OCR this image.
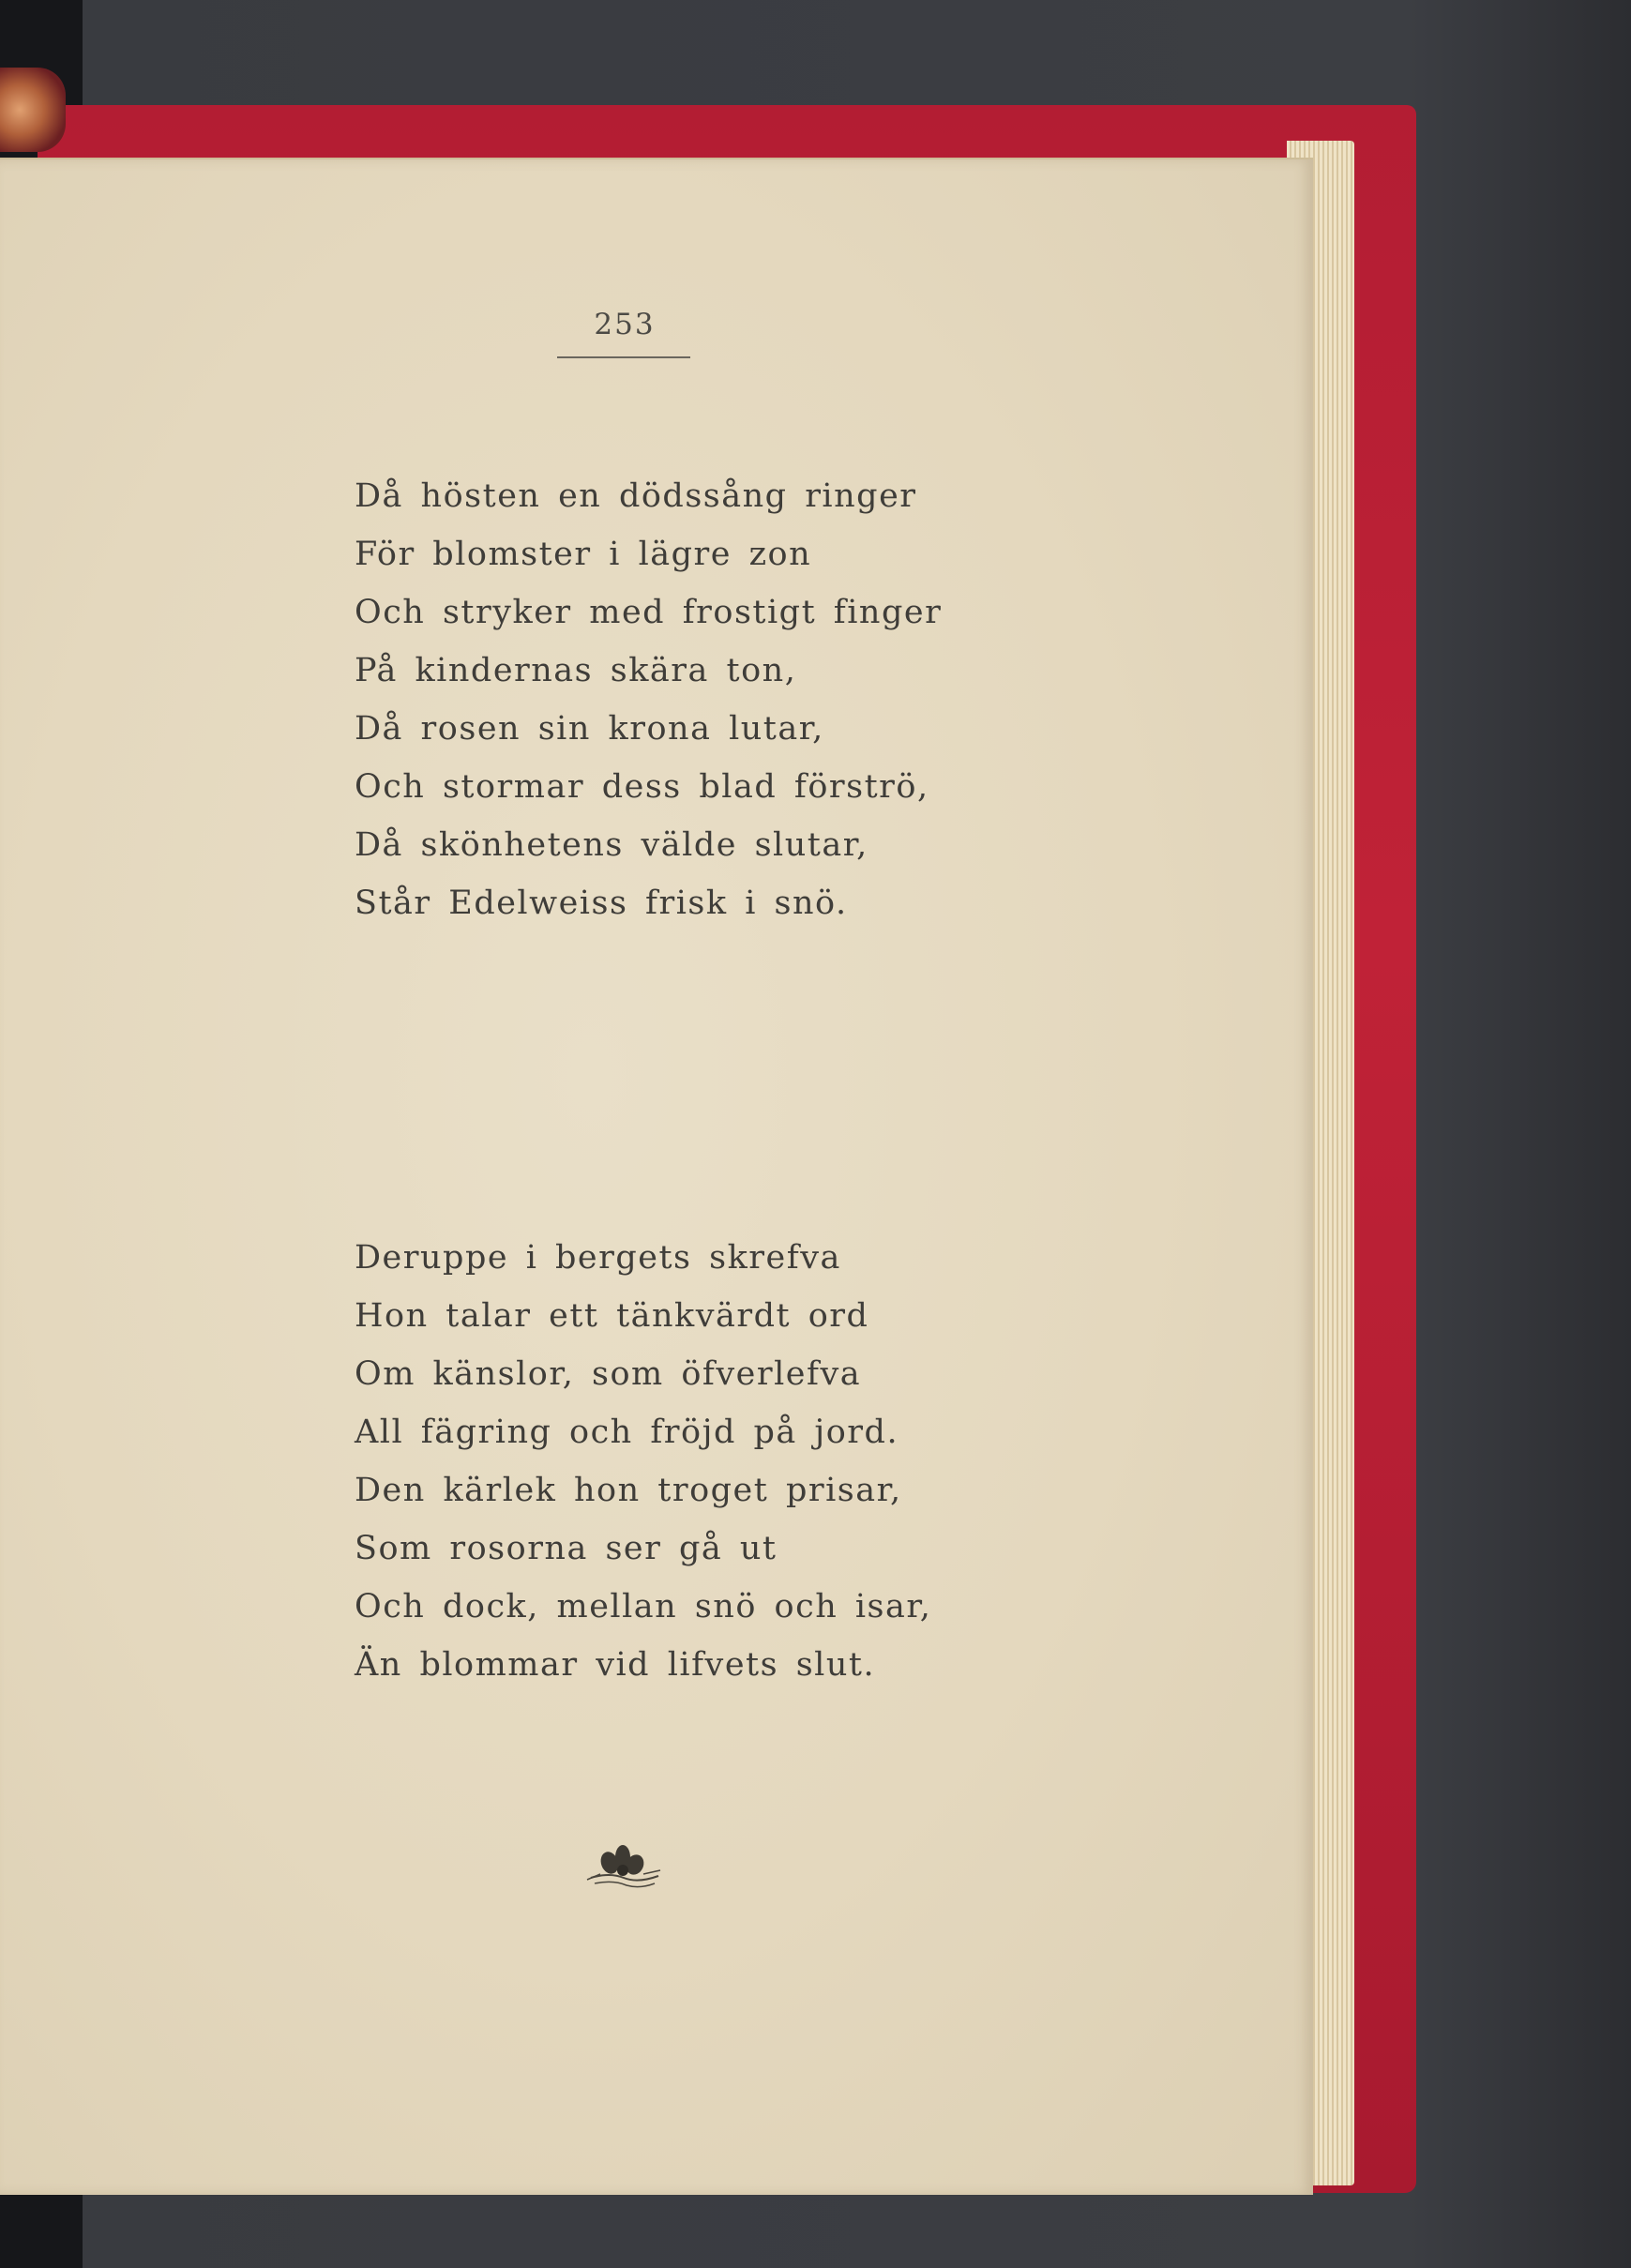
253
Då hösten en dödssång ringer
För blomster i lägre zon
Och stryker med frostigt finger
På kindernas skära ton,
Då rosen sin krona lutar,
Och stormar dess blad förströ,
Då skönhetens välde slutar,
Står Edelweiss frisk i snö.
Deruppe i bergets skrefva
Hon talar ett tänkvärdt ord
Om känslor, som öfverlefva
All fägring och fröjd på jord.
Den kärlek hon troget prisar,
Som rosorna ser gå ut
Och dock, mellan snö och isar,
Än blommar vid lifvets slut.
